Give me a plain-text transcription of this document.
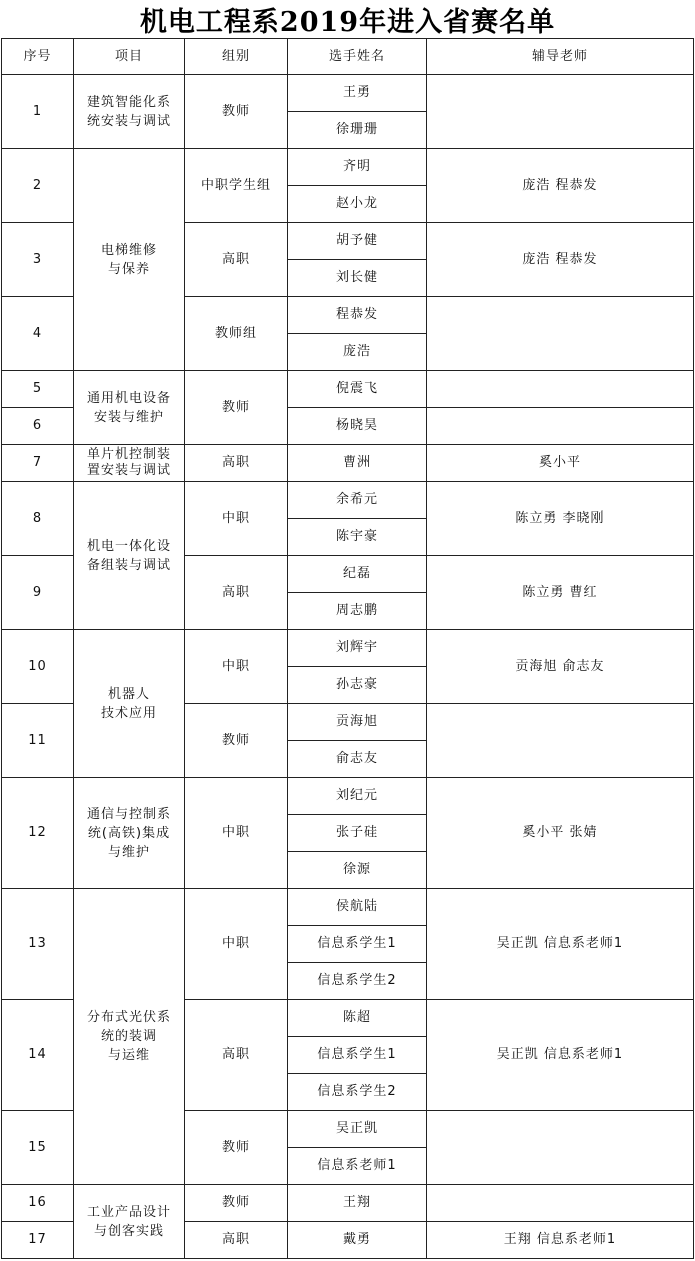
机电工程系2019年进入省赛名单
序号	项目	组别	选手姓名	辅导老师
1	建筑智能化系
统安装与调试	教师	王勇	
			徐珊珊	
2	电梯维修
与保养	中职学生组	齐明	庞浩 程恭发
			赵小龙	
3		高职	胡予健	庞浩 程恭发
			刘长健	
4		教师组	程恭发	
			庞浩	
5	通用机电设备
安装与维护	教师	倪震飞	
6			杨晓昊	
7	单片机控制装
置安装与调试	高职	曹洲	奚小平
8	机电一体化设
备组装与调试	中职	余希元	陈立勇 李晓刚
			陈宇豪	
9		高职	纪磊	陈立勇 曹红
			周志鹏	
10	机器人
技术应用	中职	刘辉宇	贡海旭 俞志友
			孙志豪	
11		教师	贡海旭	
			俞志友	
12	通信与控制系
统(高铁)集成
与维护	中职	刘纪元	奚小平 张婧
			张子硅	
			徐源	
13	分布式光伏系
统的装调
与运维	中职	侯航陆	吴正凯 信息系老师1
			信息系学生1	
			信息系学生2	
14		高职	陈超	吴正凯 信息系老师1
			信息系学生1	
			信息系学生2	
15		教师	吴正凯	
			信息系老师1	
16	工业产品设计
与创客实践	教师	王翔	
17		高职	戴勇	王翔 信息系老师1
